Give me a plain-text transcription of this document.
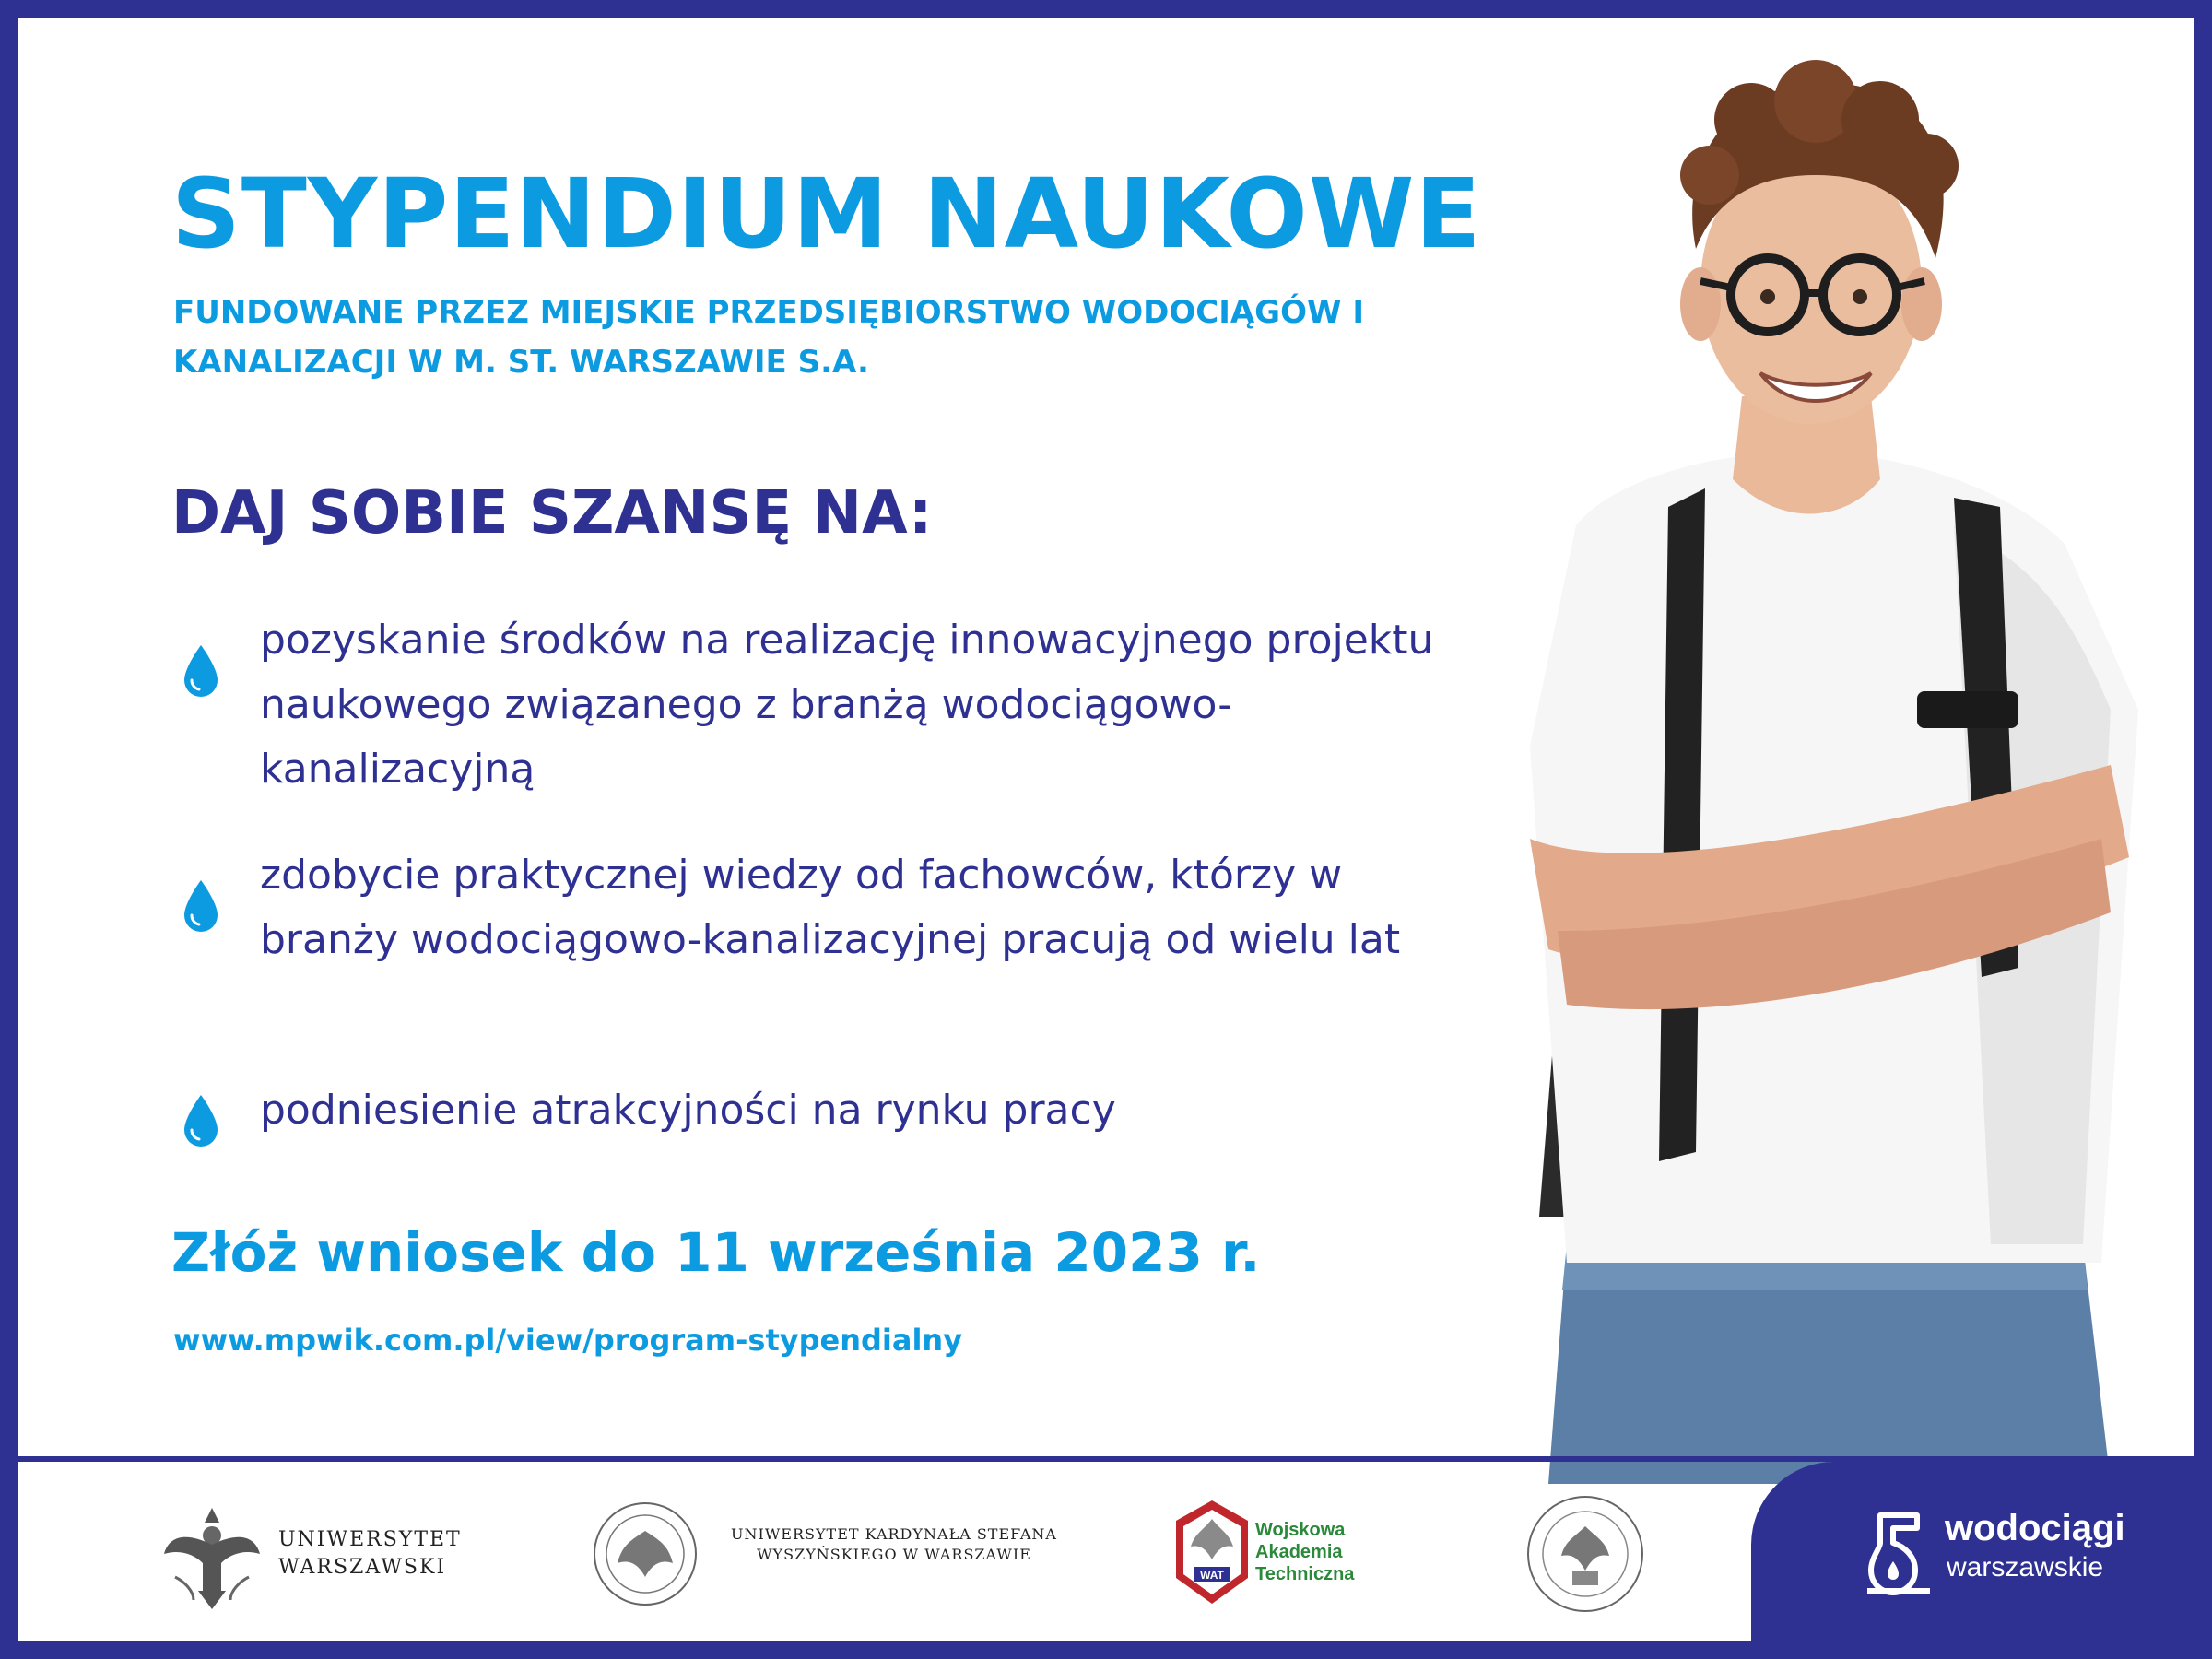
STYPENDIUM NAUKOWE
FUNDOWANE PRZEZ MIEJSKIE PRZEDSIĘBIORSTWO WODOCIĄGÓW I KANALIZACJI W M. ST. WARSZAWIE S.A.
DAJ SOBIE SZANSĘ NA:
pozyskanie środków na realizację innowacyjnego projektu naukowego związanego z branżą wodociągowo-kanalizacyjną
zdobycie praktycznej wiedzy od fachowców, którzy w branży wodociągowo-kanalizacyjnej pracują od wielu lat
podniesienie atrakcyjności na rynku pracy
Złóż wniosek do 11 września 2023 r.
www.mpwik.com.pl/view/program-stypendialny
UNIWERSYTET WARSZAWSKI
UNIWERSYTET KARDYNAŁA STEFANA WYSZYŃSKIEGO W WARSZAWIE
WAT
Wojskowa Akademia Techniczna
wodociągi
warszawskie
